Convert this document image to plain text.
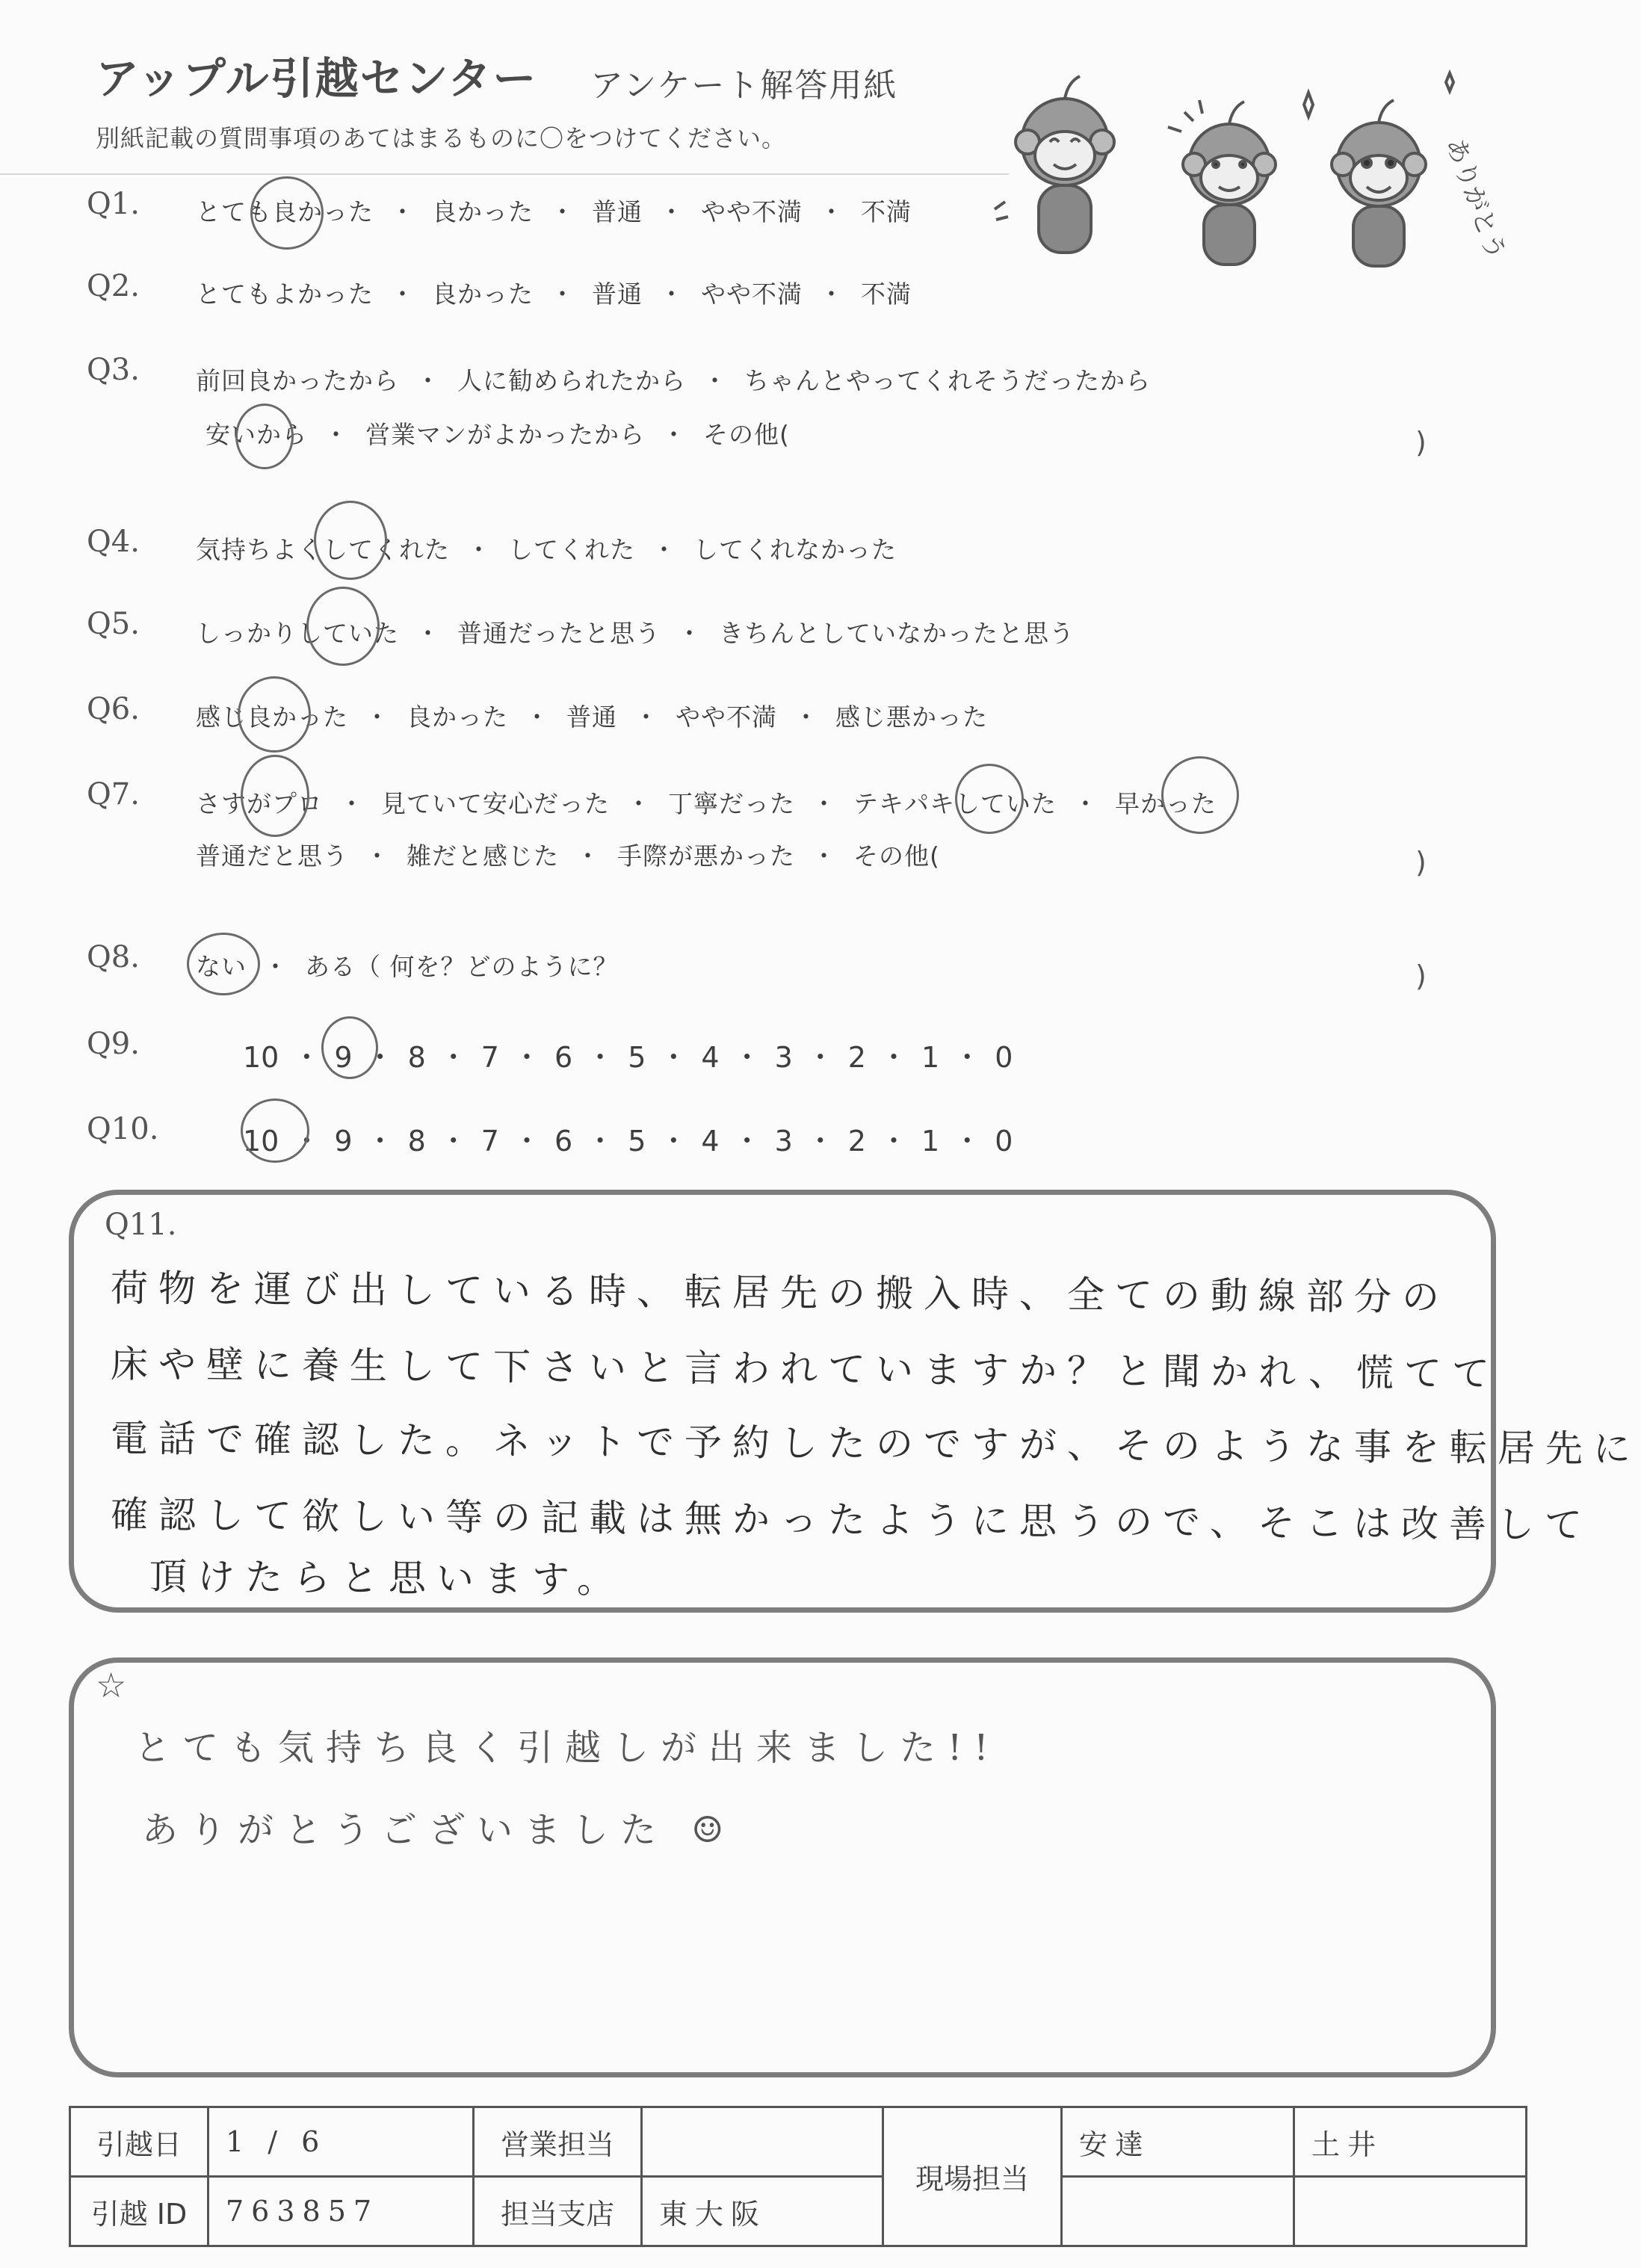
アップル引越センター アンケート解答用紙
別紙記載の質問事項のあてはまるものに〇をつけてください。	ありがとう
Q1. とても良かった ・ 良かった ・ 普通 ・ やや不満 ・ 不満
Q2. とてもよかった ・ 良かった ・ 普通 ・ やや不満 ・ 不満
Q3. 前回良かったから ・ 人に勧められたから ・ ちゃんとやってくれそうだったから
安いから ・ 営業マンがよかったから ・ その他(	)
Q4. 気持ちよくしてくれた ・ してくれた ・ してくれなかった
Q5. しっかりしていた ・ 普通だったと思う ・ きちんとしていなかったと思う
Q6. 感じ良かった ・ 良かった ・ 普通 ・ やや不満 ・ 感じ悪かった
Q7. さすがプロ ・ 見ていて安心だった ・ 丁寧だった ・ テキパキしていた ・ 早かった
普通だと思う ・ 雑だと感じた ・ 手際が悪かった ・ その他(	)
Q8. ない ・ ある（ 何を？どのように？	)
Q9.	10 ・ 9 ・ 8 ・ 7 ・ 6 ・ 5 ・ 4 ・ 3 ・ 2 ・ 1 ・ 0
Q10.	10 ・ 9 ・ 8 ・ 7 ・ 6 ・ 5 ・ 4 ・ 3 ・ 2 ・ 1 ・ 0
Q11.
荷物を運び出している時、転居先の搬入時、全ての動線部分の
床や壁に養生して下さいと言われていますか？と聞かれ、慌てて
電話で確認した。ネットで予約したのですが、そのような事を転居先に
確認して欲しい等の記載は無かったように思うので、そこは改善して
頂けたらと思います。
☆
とても気持ち良く引越しが出来ました!!
ありがとうございました ☺
引越日	1 / 6	営業担当		現場担当	安達	土井
引越 ID	763857	担当支店	東大阪			
